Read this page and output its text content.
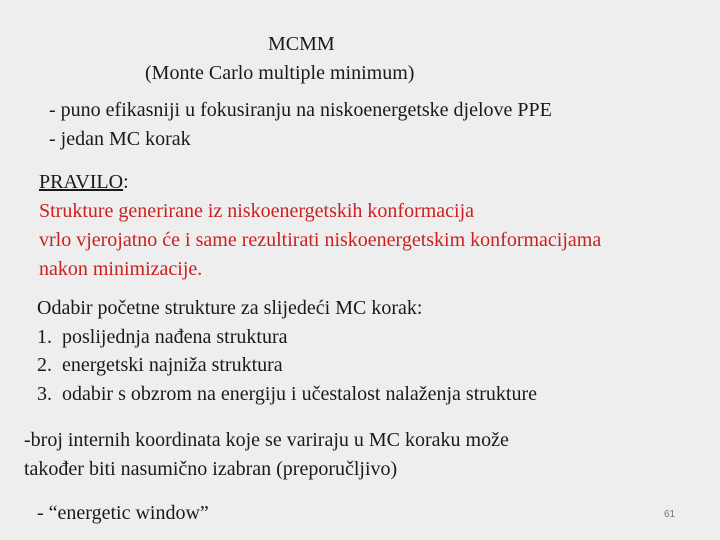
MCMM
(Monte Carlo multiple minimum)
- puno efikasniji u fokusiranju na niskoenergetske djelove PPE
- jedan MC korak
PRAVILO:
Strukture generirane iz niskoenergetskih konformacija
vrlo vjerojatno će i same rezultirati niskoenergetskim konformacijama
nakon minimizacije.
Odabir početne strukture za slijedeći MC korak:
1.  poslijednja nađena struktura
2.  energetski najniža struktura
3.  odabir s obzrom na energiju i učestalost nalaženja strukture
-broj internih koordinata koje se variraju u MC koraku može
također biti nasumično izabran (preporučljivo)
- “energetic window”	61
